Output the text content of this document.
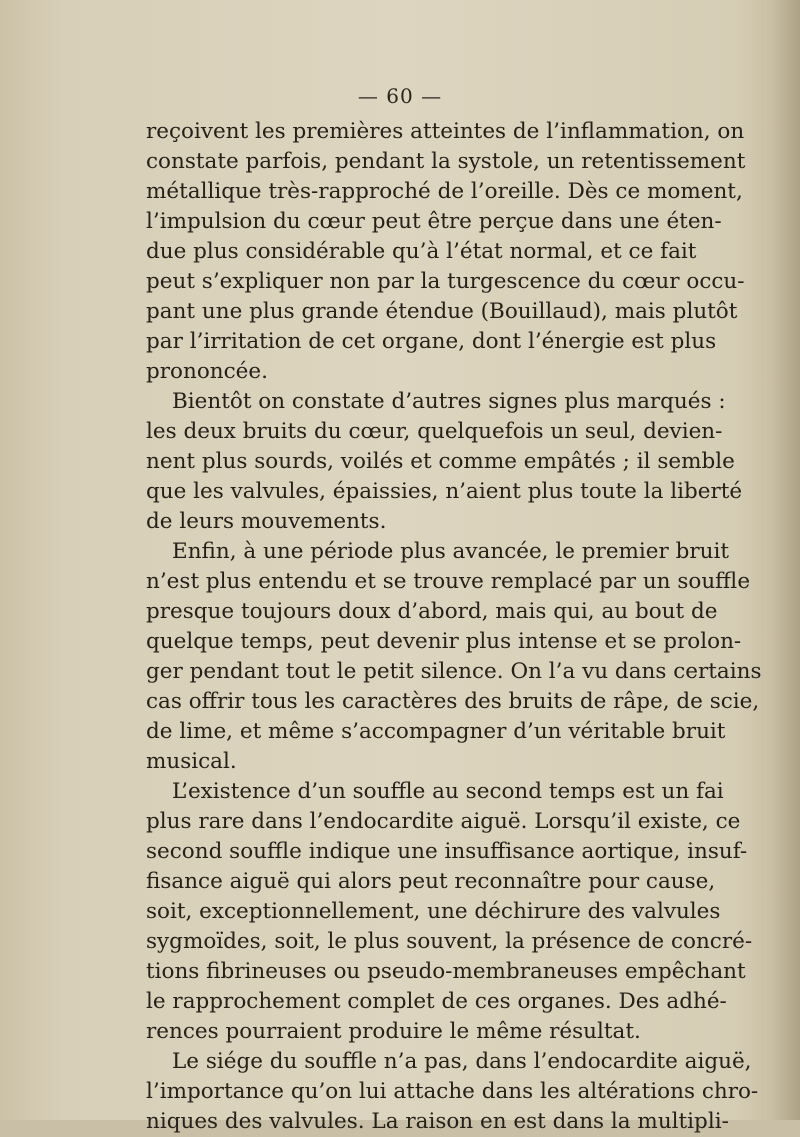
— 60 —
reçoivent les premières atteintes de l’inflammation, on
constate parfois, pendant la systole, un retentissement
métallique très-rapproché de l’oreille. Dès ce moment,
l’impulsion du cœur peut être perçue dans une éten-
due plus considérable qu’à l’état normal, et ce fait
peut s’expliquer non par la turgescence du cœur occu-
pant une plus grande étendue (Bouillaud), mais plutôt
par l’irritation de cet organe, dont l’énergie est plus
prononcée.
Bientôt on constate d’autres signes plus marqués :
les deux bruits du cœur, quelquefois un seul, devien-
nent plus sourds, voilés et comme empâtés ; il semble
que les valvules, épaissies, n’aient plus toute la liberté
de leurs mouvements.
Enfin, à une période plus avancée, le premier bruit
n’est plus entendu et se trouve remplacé par un souffle
presque toujours doux d’abord, mais qui, au bout de
quelque temps, peut devenir plus intense et se prolon-
ger pendant tout le petit silence. On l’a vu dans certains
cas offrir tous les caractères des bruits de râpe, de scie,
de lime, et même s’accompagner d’un véritable bruit
musical.
L’existence d’un souffle au second temps est un fai
plus rare dans l’endocardite aiguë. Lorsqu’il existe, ce
second souffle indique une insuffisance aortique, insuf-
fisance aiguë qui alors peut reconnaître pour cause,
soit, exceptionnellement, une déchirure des valvules
sygmoïdes, soit, le plus souvent, la présence de concré-
tions fibrineuses ou pseudo-membraneuses empêchant
le rapprochement complet de ces organes. Des adhé-
rences pourraient produire le même résultat.
Le siége du souffle n’a pas, dans l’endocardite aiguë,
l’importance qu’on lui attache dans les altérations chro-
niques des valvules. La raison en est dans la multipli-
